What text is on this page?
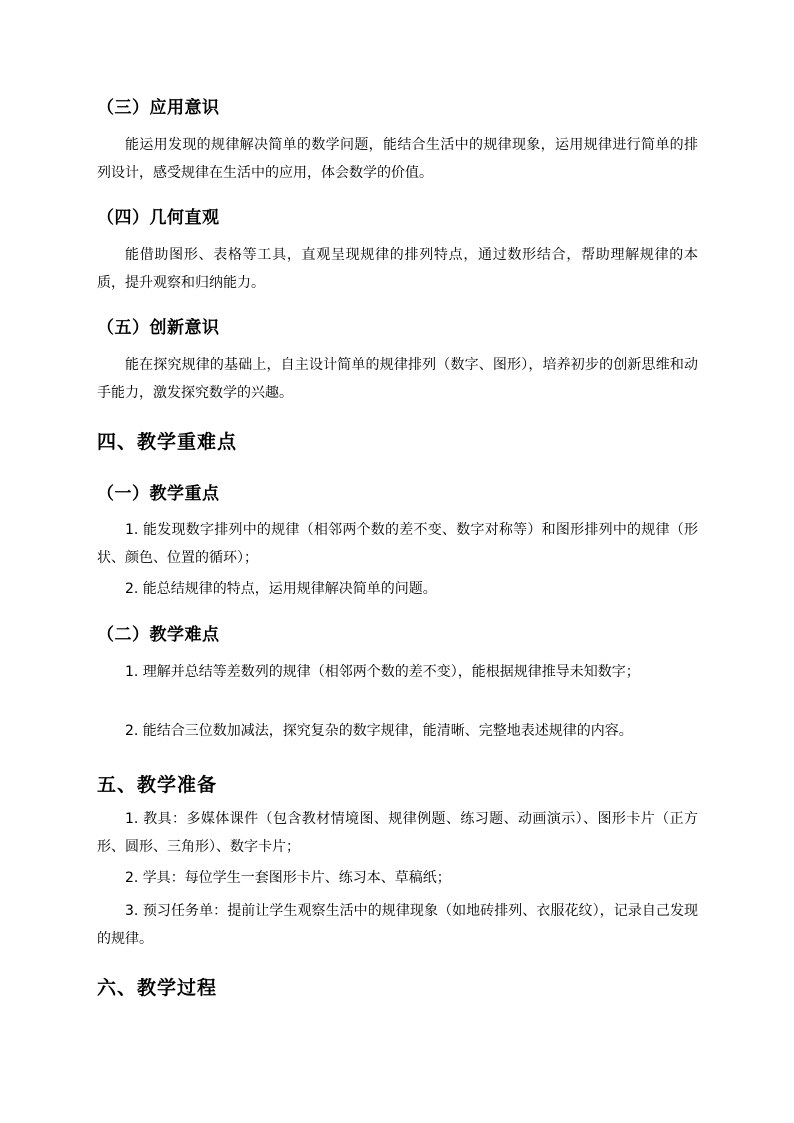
（三）应用意识

能运用发现的规律解决简单的数学问题，能结合生活中的规律现象，运用规律进行简单的排列设计，感受规律在生活中的应用，体会数学的价值。

（四）几何直观

能借助图形、表格等工具，直观呈现规律的排列特点，通过数形结合，帮助理解规律的本质，提升观察和归纳能力。

（五）创新意识

能在探究规律的基础上，自主设计简单的规律排列（数字、图形），培养初步的创新思维和动手能力，激发探究数学的兴趣。

四、教学重难点
（一）教学重点

1. 能发现数字排列中的规律（相邻两个数的差不变、数字对称等）和图形排列中的规律（形状、颜色、位置的循环）；

2. 能总结规律的特点，运用规律解决简单的问题。

（二）教学难点

1. 理解并总结等差数列的规律（相邻两个数的差不变），能根据规律推导未知数字；

2. 能结合三位数加减法，探究复杂的数字规律，能清晰、完整地表述规律的内容。

五、教学准备

1. 教具：多媒体课件（包含教材情境图、规律例题、练习题、动画演示）、图形卡片（正方形、圆形、三角形）、数字卡片；

2. 学具：每位学生一套图形卡片、练习本、草稿纸；

3. 预习任务单：提前让学生观察生活中的规律现象（如地砖排列、衣服花纹），记录自己发现的规律。

六、教学过程
